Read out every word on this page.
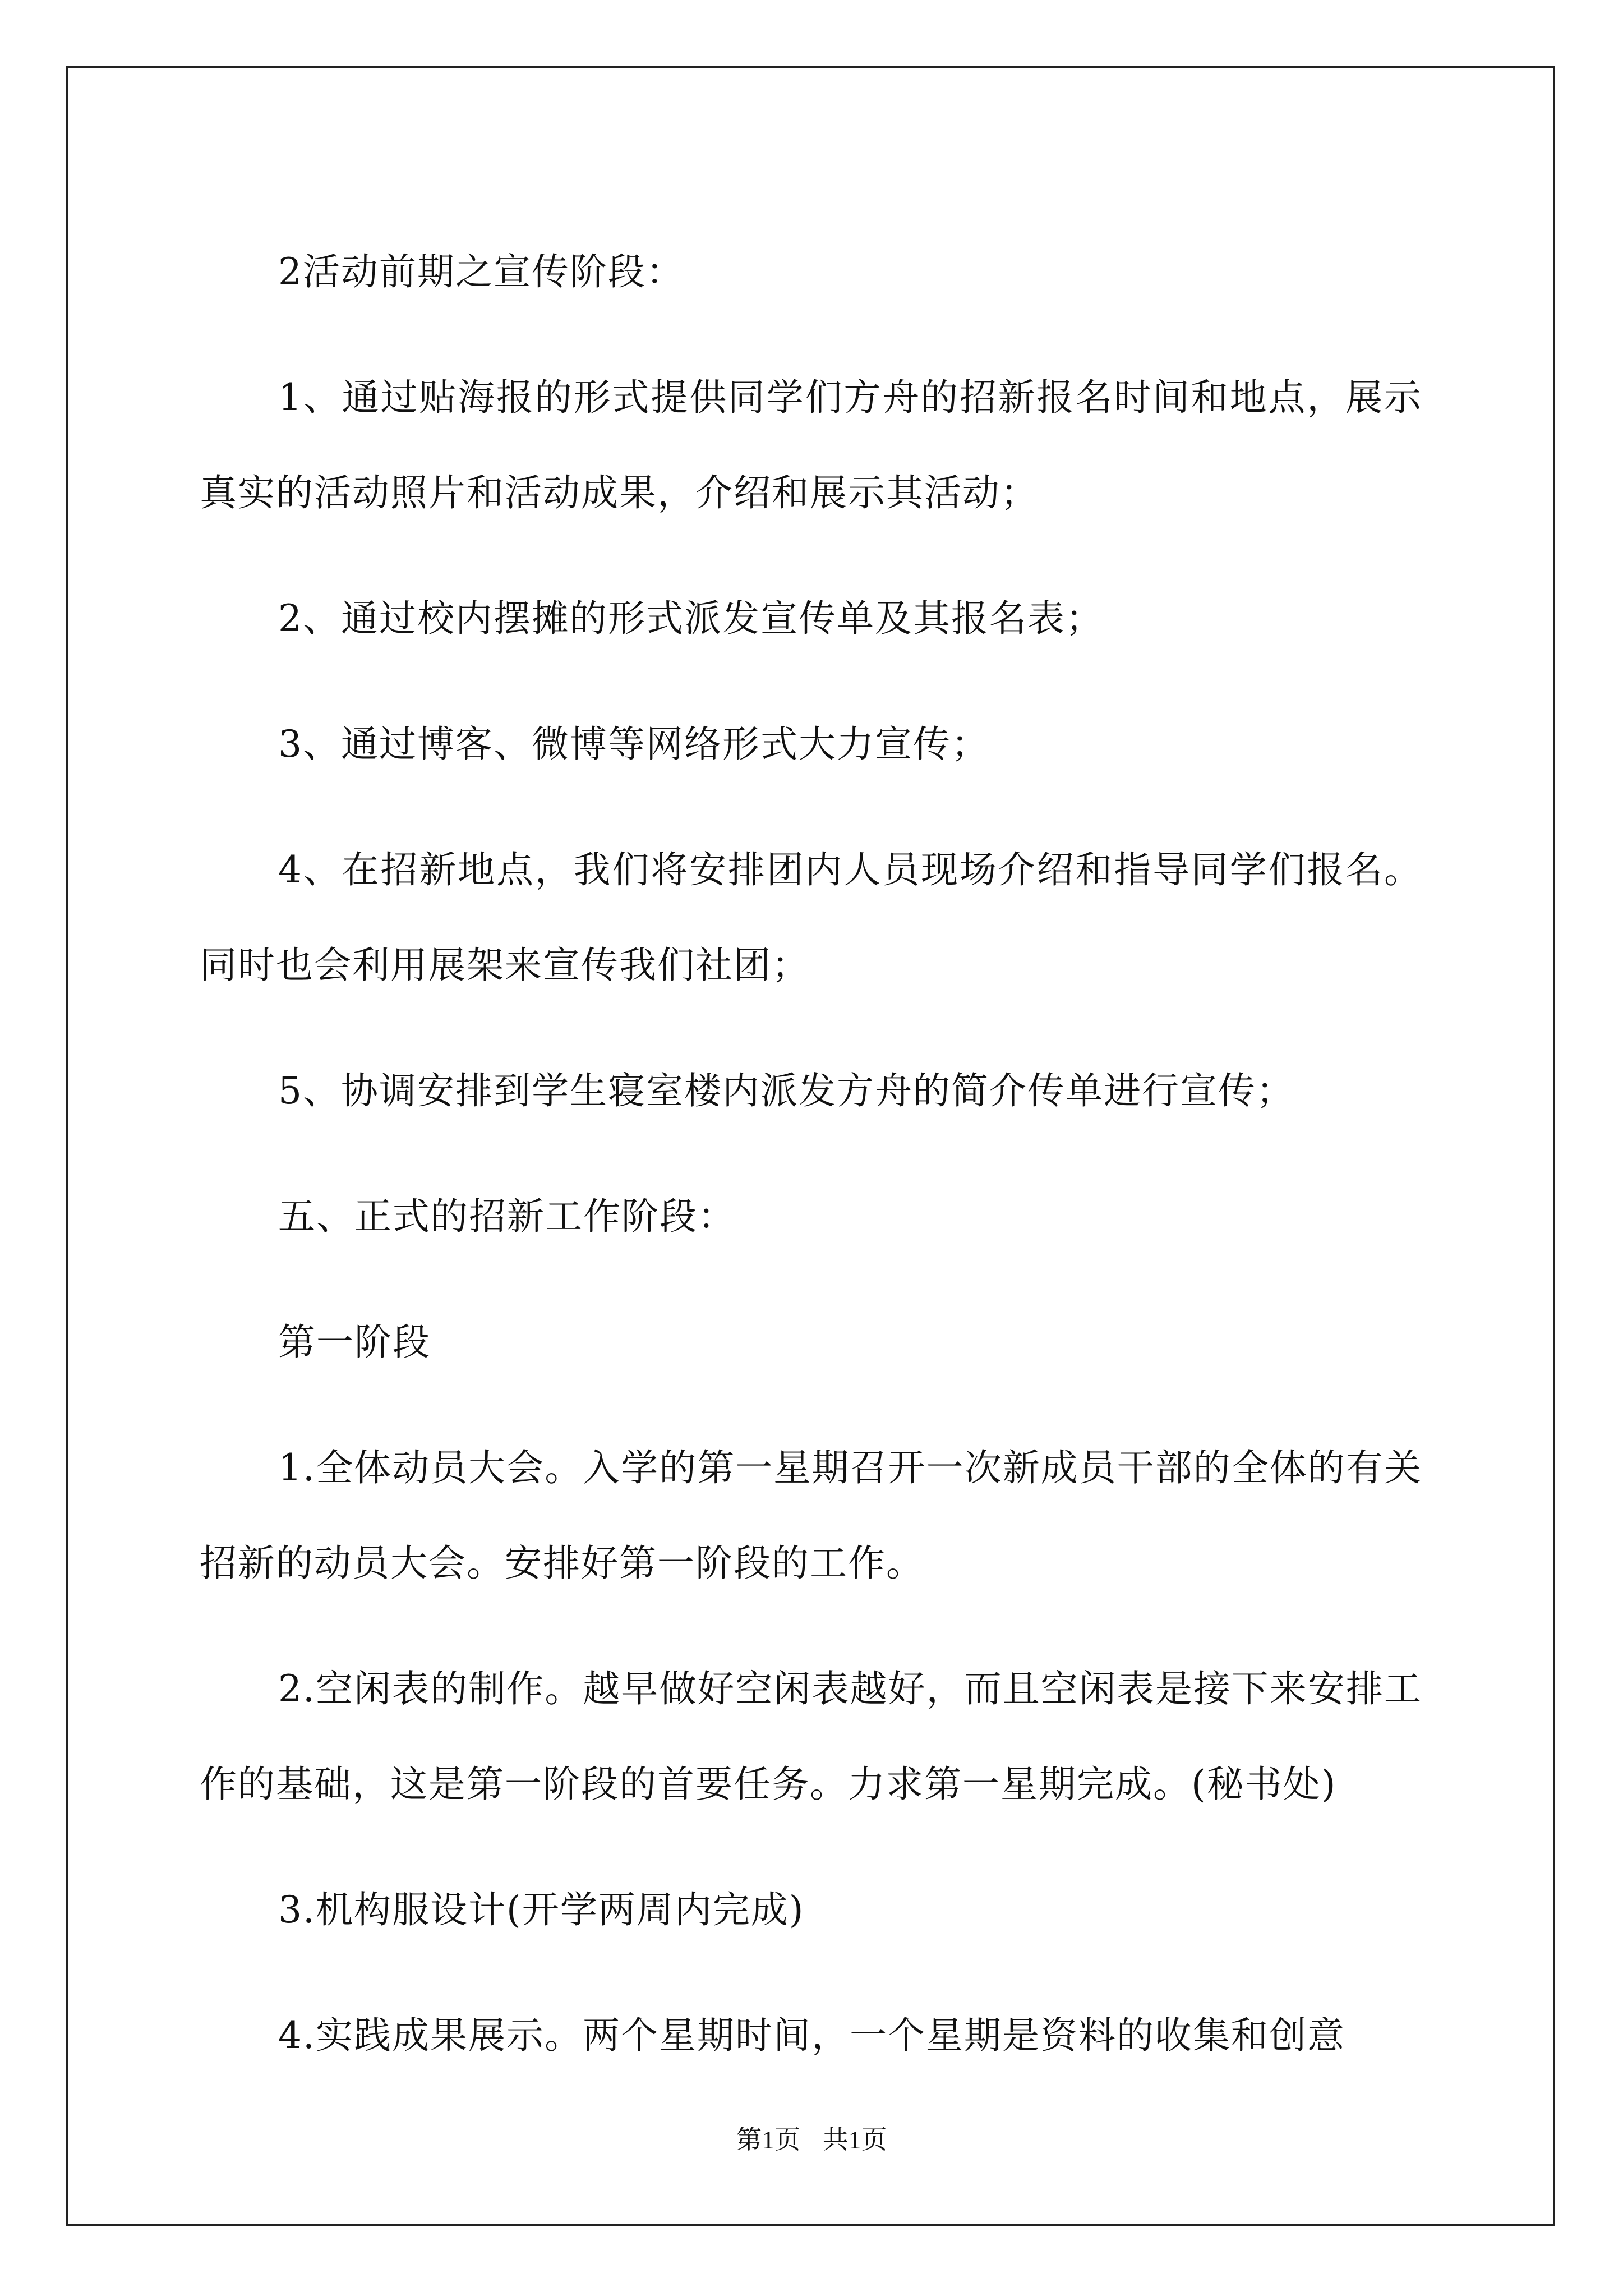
2活动前期之宣传阶段：

1、通过贴海报的形式提供同学们方舟的招新报名时间和地点，展示真实的活动照片和活动成果，介绍和展示其活动；

2、通过校内摆摊的形式派发宣传单及其报名表；

3、通过博客、微博等网络形式大力宣传；

4、在招新地点，我们将安排团内人员现场介绍和指导同学们报名。同时也会利用展架来宣传我们社团；

5、协调安排到学生寝室楼内派发方舟的简介传单进行宣传；

五、正式的招新工作阶段：

第一阶段

1.全体动员大会。入学的第一星期召开一次新成员干部的全体的有关招新的动员大会。安排好第一阶段的工作。

2.空闲表的制作。越早做好空闲表越好，而且空闲表是接下来安排工作的基础，这是第一阶段的首要任务。力求第一星期完成。(秘书处)

3.机构服设计(开学两周内完成)

4.实践成果展示。两个星期时间，一个星期是资料的收集和创意

第1页 共1页
